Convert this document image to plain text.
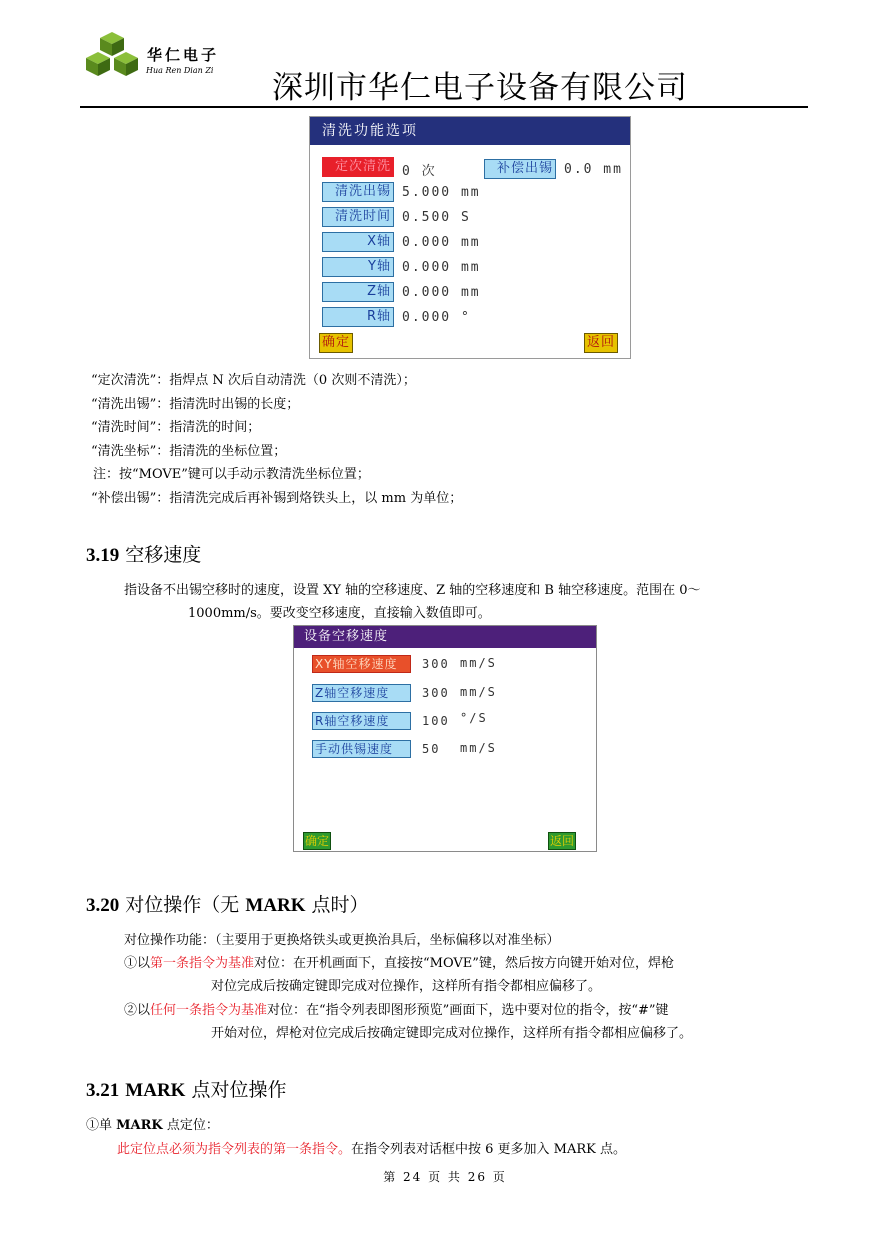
华仁电子
Hua Ren Dian Zi 深圳市华仁电子设备有限公司
清洗功能选项
定次清洗 0 次	补偿出锡 0.0 mm
清洗出锡 5.000 mm
清洗时间 0.500 S
X轴 0.000 mm
Y轴 0.000 mm
Z轴 0.000 mm
R轴 0.000 °
确定	返回
“定次清洗”：指焊点 N 次后自动清洗（0 次则不清洗）；
“清洗出锡”：指清洗时出锡的长度；
“清洗时间”：指清洗的时间；
“清洗坐标”：指清洗的坐标位置；
注：按“MOVE”键可以手动示教清洗坐标位置；
“补偿出锡”：指清洗完成后再补锡到烙铁头上，以 mm 为单位；
3.19 空移速度
指设备不出锡空移时的速度，设置 XY 轴的空移速度、Z 轴的空移速度和 B 轴空移速度。范围在 0～
1000mm/s。要改变空移速度，直接输入数值即可。
设备空移速度
XY轴空移速度	300 mm/S
Z轴空移速度	300 mm/S
R轴空移速度	100 °/S
手动供锡速度	50 mm/S
确定	返回
3.20 对位操作（无 MARK 点时）
对位操作功能：（主要用于更换烙铁头或更换治具后，坐标偏移以对准坐标）
①以第一条指令为基准对位：在开机画面下，直接按“MOVE”键，然后按方向键开始对位，焊枪
对位完成后按确定键即完成对位操作，这样所有指令都相应偏移了。
②以任何一条指令为基准对位：在“指令列表即图形预览”画面下，选中要对位的指令，按“#”键
开始对位，焊枪对位完成后按确定键即完成对位操作，这样所有指令都相应偏移了。
3.21 MARK 点对位操作
①单 MARK 点定位：
此定位点必须为指令列表的第一条指令。在指令列表对话框中按 6 更多加入 MARK 点。
第 24 页 共 26 页
